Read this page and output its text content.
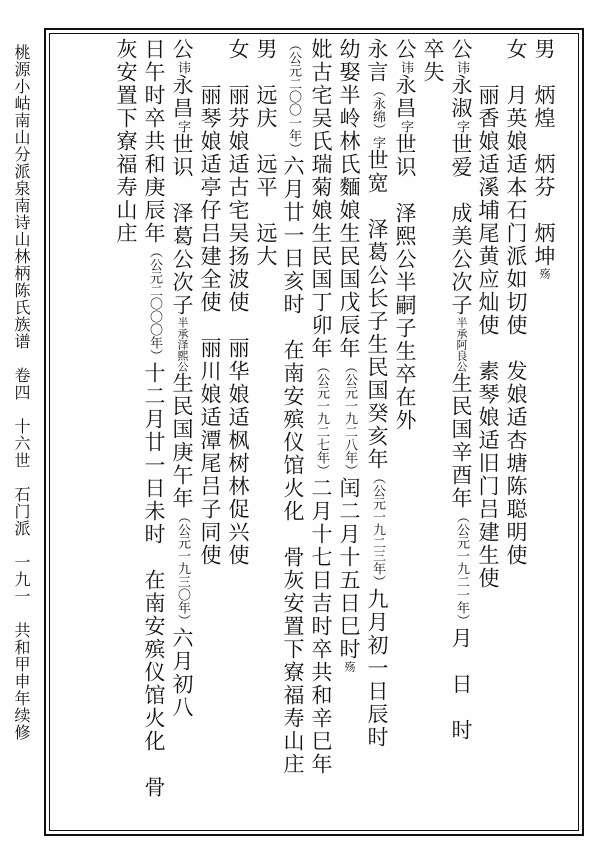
桃源小岵南山分派泉南诗山林柄陈氏族谱　卷四　十六世　石门派　一九一　共和甲申年续修
男　炳煌　炳芬　炳坤殇
女　月英娘适本石门派如切使　发娘适杏塘陈聪明使
　　丽香娘适溪埔尾黄应灿使　素琴娘适旧门吕建生使
公讳永淑字世爱　成美公次子半承阿良公生民国辛酉年（公元一九二一年）月　日　时
卒失
公讳永昌字世识　泽熙公半嗣子生卒在外
永言（永绵）字世宽　泽葛公长子生民国癸亥年（公元一九二三年）九月初一日辰时
幼娶半岭林氏麵娘生民国戊辰年（公元一九二八年）闰二月十五日巳时殇
妣古宅吴氏瑞菊娘生民国丁卯年（公元一九二七年）二月十七日吉时卒共和辛巳年
（公元二〇〇一年）六月廿一日亥时　在南安殡仪馆火化　骨灰安置下寮福寿山庄
男　远庆　远平　远大
女　丽芬娘适古宅吴扬波使　丽华娘适枫树林促兴使
　　丽琴娘适亭仔吕建全使　丽川娘适潭尾吕子同使
公讳永昌字世识　泽葛公次子半承泽熙公生民国庚午年（公元一九三〇年）六月初八
日午时卒共和庚辰年（公元二〇〇〇年）十二月廿一日未时　在南安殡仪馆火化　骨
灰安置下寮福寿山庄
